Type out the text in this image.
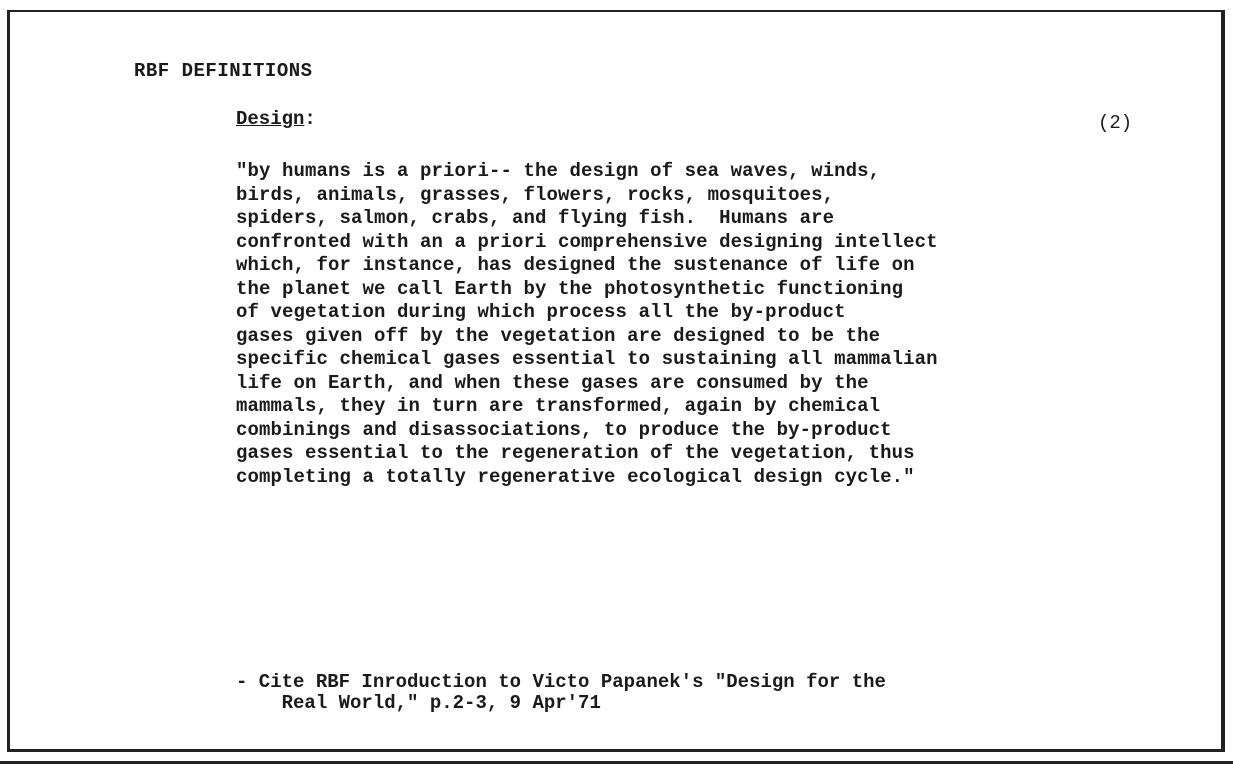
RBF DEFINITIONS
Design:	(2)
"by humans is a priori-- the design of sea waves, winds,
birds, animals, grasses, flowers, rocks, mosquitoes,
spiders, salmon, crabs, and flying fish.  Humans are
confronted with an a priori comprehensive designing intellect
which, for instance, has designed the sustenance of life on
the planet we call Earth by the photosynthetic functioning
of vegetation during which process all the by-product
gases given off by the vegetation are designed to be the
specific chemical gases essential to sustaining all mammalian
life on Earth, and when these gases are consumed by the
mammals, they in turn are transformed, again by chemical
combinings and disassociations, to produce the by-product
gases essential to the regeneration of the vegetation, thus
completing a totally regenerative ecological design cycle."
- Cite RBF Inroduction to Victo Papanek's "Design for the
Real World," p.2-3, 9 Apr'71
